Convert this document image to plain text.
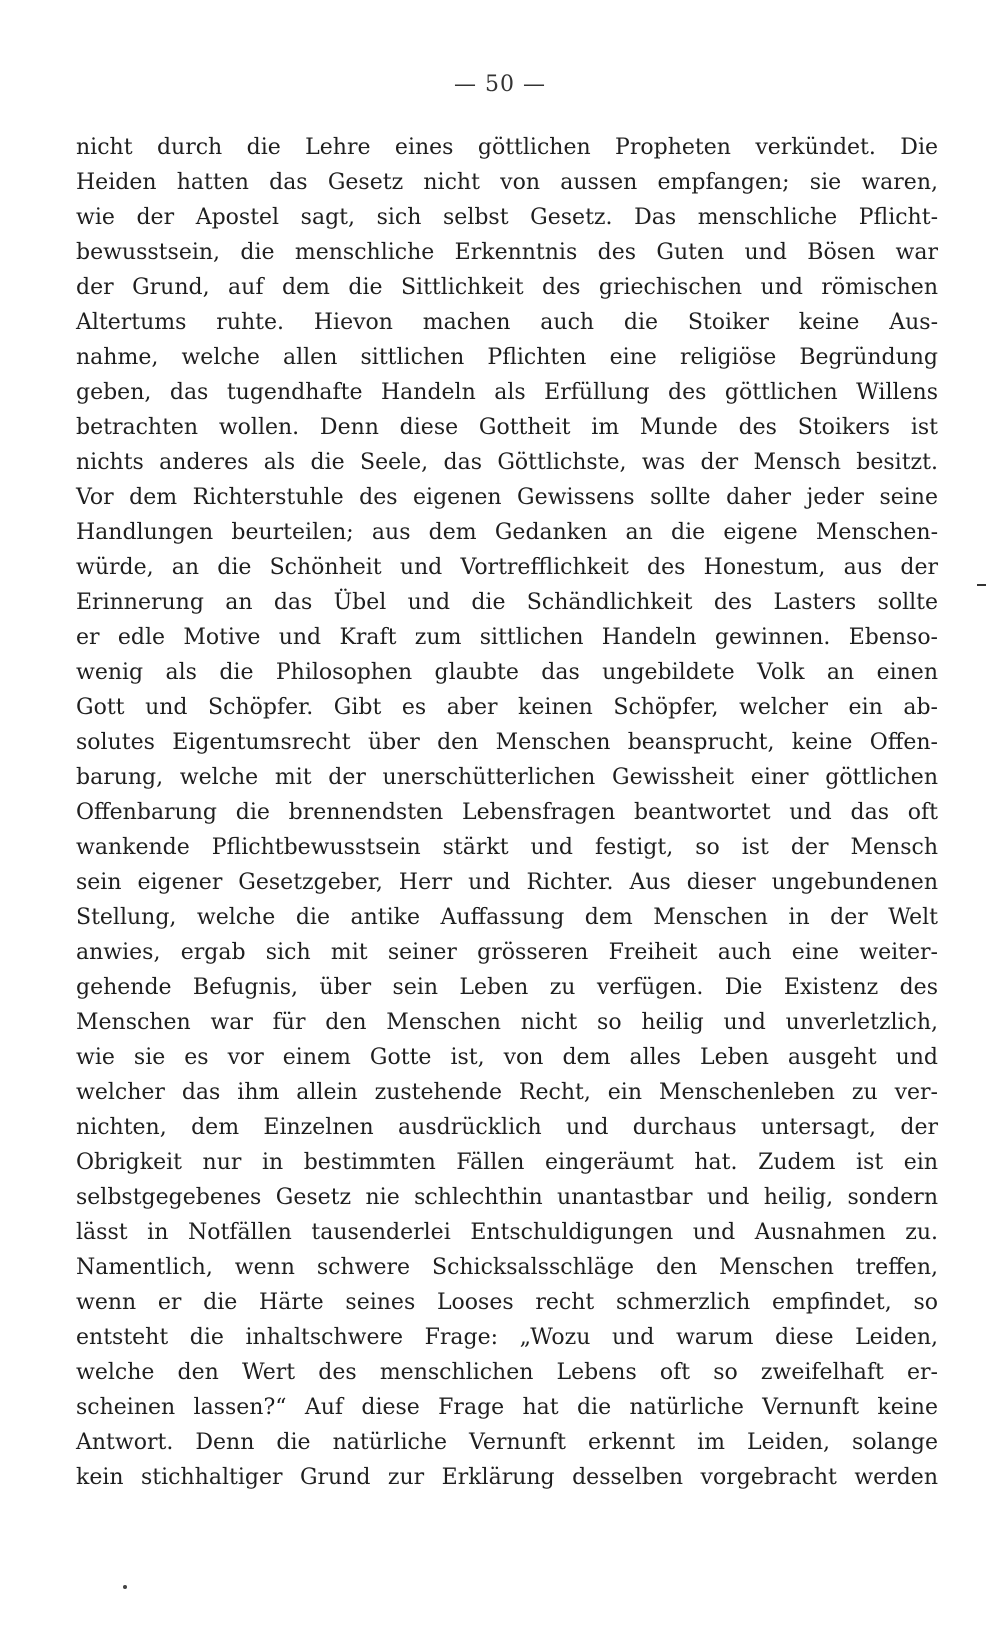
— 50 —
nicht durch die Lehre eines göttlichen Propheten verkündet. Die
Heiden hatten das Gesetz nicht von aussen empfangen; sie waren,
wie der Apostel sagt, sich selbst Gesetz. Das menschliche Pflicht-
bewusstsein, die menschliche Erkenntnis des Guten und Bösen war
der Grund, auf dem die Sittlichkeit des griechischen und römischen
Altertums ruhte. Hievon machen auch die Stoiker keine Aus-
nahme, welche allen sittlichen Pflichten eine religiöse Begründung
geben, das tugendhafte Handeln als Erfüllung des göttlichen Willens
betrachten wollen. Denn diese Gottheit im Munde des Stoikers ist
nichts anderes als die Seele, das Göttlichste, was der Mensch besitzt.
Vor dem Richterstuhle des eigenen Gewissens sollte daher jeder seine
Handlungen beurteilen; aus dem Gedanken an die eigene Menschen-
würde, an die Schönheit und Vortrefflichkeit des Honestum, aus der
Erinnerung an das Übel und die Schändlichkeit des Lasters sollte
er edle Motive und Kraft zum sittlichen Handeln gewinnen. Ebenso-
wenig als die Philosophen glaubte das ungebildete Volk an einen
Gott und Schöpfer. Gibt es aber keinen Schöpfer, welcher ein ab-
solutes Eigentumsrecht über den Menschen beansprucht, keine Offen-
barung, welche mit der unerschütterlichen Gewissheit einer göttlichen
Offenbarung die brennendsten Lebensfragen beantwortet und das oft
wankende Pflichtbewusstsein stärkt und festigt, so ist der Mensch
sein eigener Gesetzgeber, Herr und Richter. Aus dieser ungebundenen
Stellung, welche die antike Auffassung dem Menschen in der Welt
anwies, ergab sich mit seiner grösseren Freiheit auch eine weiter-
gehende Befugnis, über sein Leben zu verfügen. Die Existenz des
Menschen war für den Menschen nicht so heilig und unverletzlich,
wie sie es vor einem Gotte ist, von dem alles Leben ausgeht und
welcher das ihm allein zustehende Recht, ein Menschenleben zu ver-
nichten, dem Einzelnen ausdrücklich und durchaus untersagt, der
Obrigkeit nur in bestimmten Fällen eingeräumt hat. Zudem ist ein
selbstgegebenes Gesetz nie schlechthin unantastbar und heilig, sondern
lässt in Notfällen tausenderlei Entschuldigungen und Ausnahmen zu.
Namentlich, wenn schwere Schicksalsschläge den Menschen treffen,
wenn er die Härte seines Looses recht schmerzlich empfindet, so
entsteht die inhaltschwere Frage: „Wozu und warum diese Leiden,
welche den Wert des menschlichen Lebens oft so zweifelhaft er-
scheinen lassen?“ Auf diese Frage hat die natürliche Vernunft keine
Antwort. Denn die natürliche Vernunft erkennt im Leiden, solange
kein stichhaltiger Grund zur Erklärung desselben vorgebracht werden
